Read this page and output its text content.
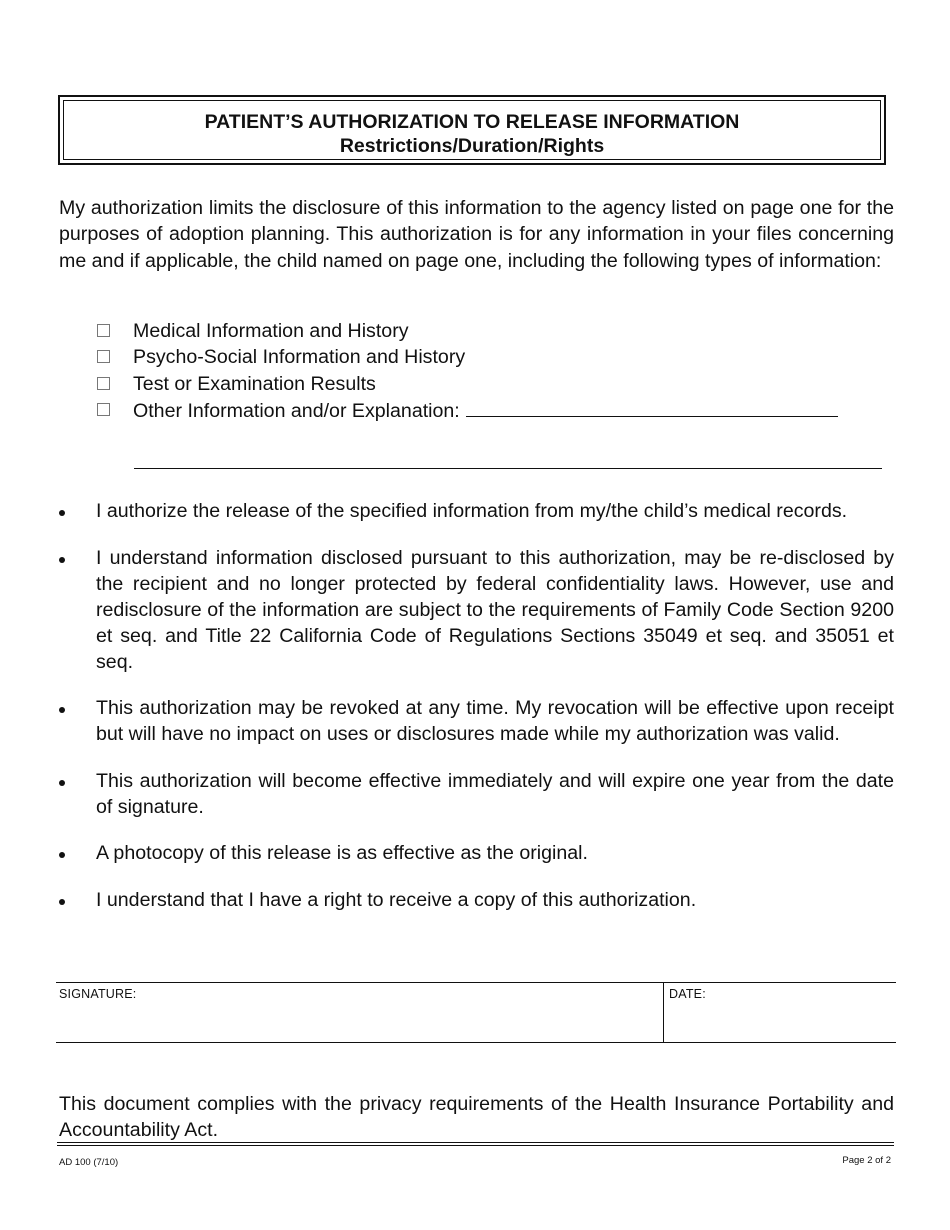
PATIENT’S AUTHORIZATION TO RELEASE INFORMATION
Restrictions/Duration/Rights
My authorization limits the disclosure of this information to the agency listed on page one for the purposes of adoption planning. This authorization is for any information in your files concerning me and if applicable, the child named on page one, including the following types of information:
Medical Information and History
Psycho-Social Information and History
Test or Examination Results
Other Information and/or Explanation:
I authorize the release of the specified information from my/the child’s medical records.
I understand information disclosed pursuant to this authorization, may be re-disclosed by the recipient and no longer protected by federal confidentiality laws. However, use and redisclosure of the information are subject to the requirements of Family Code Section 9200 et seq. and Title 22 California Code of Regulations Sections 35049 et seq. and 35051 et seq.
This authorization may be revoked at any time. My revocation will be effective upon receipt but will have no impact on uses or disclosures made while my authorization was valid.
This authorization will become effective immediately and will expire one year from the date of signature.
A photocopy of this release is as effective as the original.
I understand that I have a right to receive a copy of this authorization.
SIGNATURE:	DATE:
This document complies with the privacy requirements of the Health Insurance Portability and Accountability Act.
AD 100 (7/10)	Page 2 of 2
